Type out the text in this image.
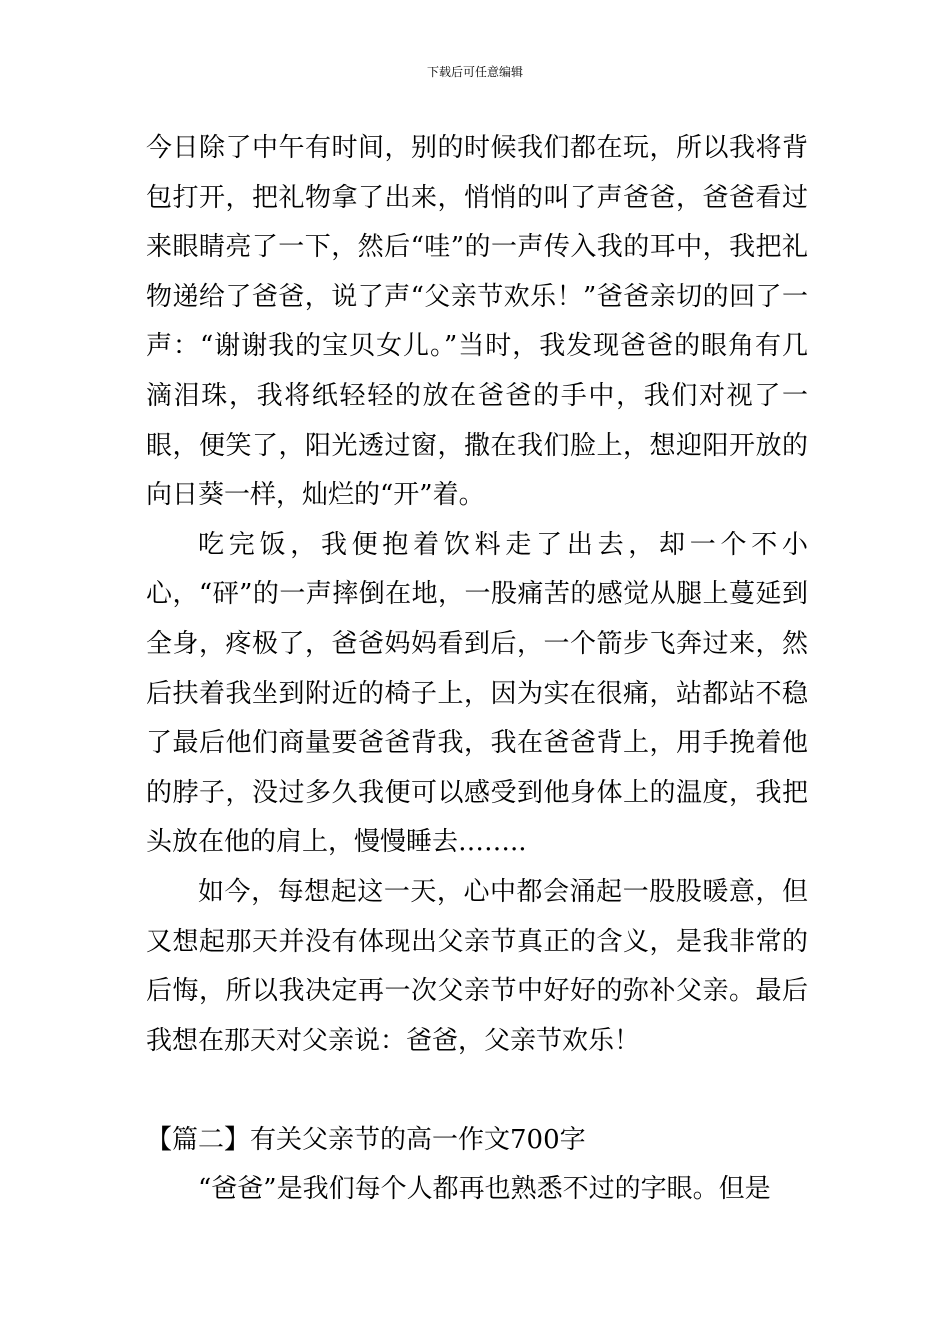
下载后可任意编辑

今日除了中午有时间，别的时候我们都在玩，所以我将背包打开，把礼物拿了出来，悄悄的叫了声爸爸，爸爸看过来眼睛亮了一下，然后“哇”的一声传入我的耳中，我把礼物递给了爸爸，说了声“父亲节欢乐！”爸爸亲切的回了一声：“谢谢我的宝贝女儿。”当时，我发现爸爸的眼角有几滴泪珠，我将纸轻轻的放在爸爸的手中，我们对视了一眼，便笑了，阳光透过窗，撒在我们脸上，想迎阳开放的向日葵一样，灿烂的“开”着。

吃完饭，我便抱着饮料走了出去，却一个不小心，“砰”的一声摔倒在地，一股痛苦的感觉从腿上蔓延到全身，疼极了，爸爸妈妈看到后，一个箭步飞奔过来，然后扶着我坐到附近的椅子上，因为实在很痛，站都站不稳了最后他们商量要爸爸背我，我在爸爸背上，用手挽着他的脖子，没过多久我便可以感受到他身体上的温度，我把头放在他的肩上，慢慢睡去……..

如今，每想起这一天，心中都会涌起一股股暖意，但又想起那天并没有体现出父亲节真正的含义，是我非常的后悔，所以我决定再一次父亲节中好好的弥补父亲。最后我想在那天对父亲说：爸爸，父亲节欢乐！

【篇二】有关父亲节的高一作文700字

“爸爸”是我们每个人都再也熟悉不过的字眼。但是
